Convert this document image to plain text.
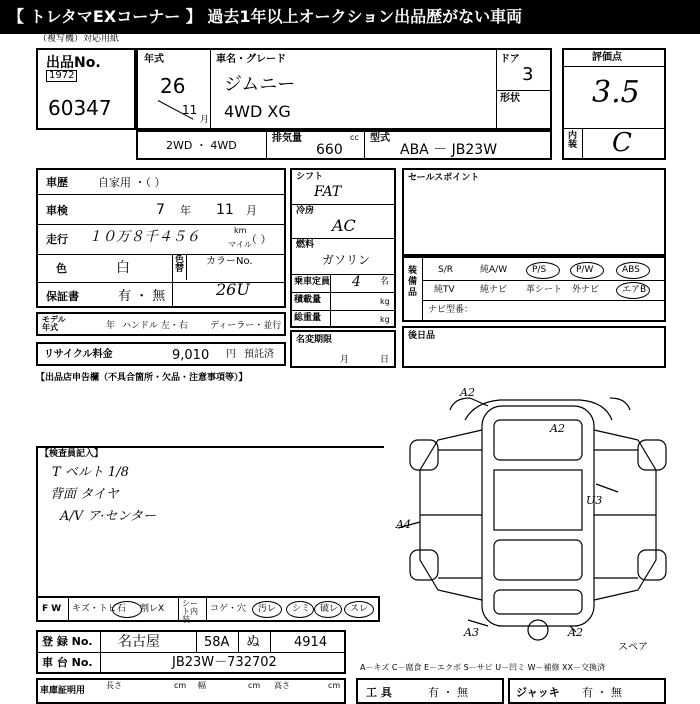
【 トレタマEXコーナー 】 過去1年以上オークション出品歴がない車両
（複写機）対応用紙
出品No.
1972
60347
年式
26
11
月
車名・グレード
ジムニー
4WD XG
ドア
3
形状
2WD ・ 4WD
排気量	cc
660
型式
ABA － JB23W
評価点
3.5
内装 C
車歴	自家用 ・（ ）
車検	7 年 11 月
走行 １０万８千４５６	km
マイル
（ ）
色	白	色替
カラーNo.
26U
保証書	有 ・ 無
モデル年式	年 ハンドル 左・右 ディーラー・並行
リサイクル料金	9,010 円 預託済
シフト
FAT
冷房
AC
燃料
ガソリン
乗車定員 4 名
積載量	kg
総重量	kg
名変期限
月	日
セールスポイント
装備品
S/R	純A/W	P/S	P/W	ABS
純TV	純ナビ 革シート 外ナビ	エアB
ナビ型番：
後日品
【出品店申告欄（不具合箇所・欠品・注意事項等）】
【検査員記入】
T ベルト 1/8
背面 タイヤ
A/V ア·センター
A2
A2
U3
A4
A3	A2
スペア
F W キズ・トビ石 割レX
シート内装
コゲ・穴 汚レ シミ 破レ スレ
登 録 No. 名古屋	58A ぬ	4914
車 台 No.	JB23W－732702	A－キズ C－腐食 E－エクボ S－サビ U－凹ミ W－補修 XX－交換済
車庫証明用
長さ	cm 幅	cm 高さ	cm
工 具	有 ・ 無	ジャッキ 有 ・ 無
